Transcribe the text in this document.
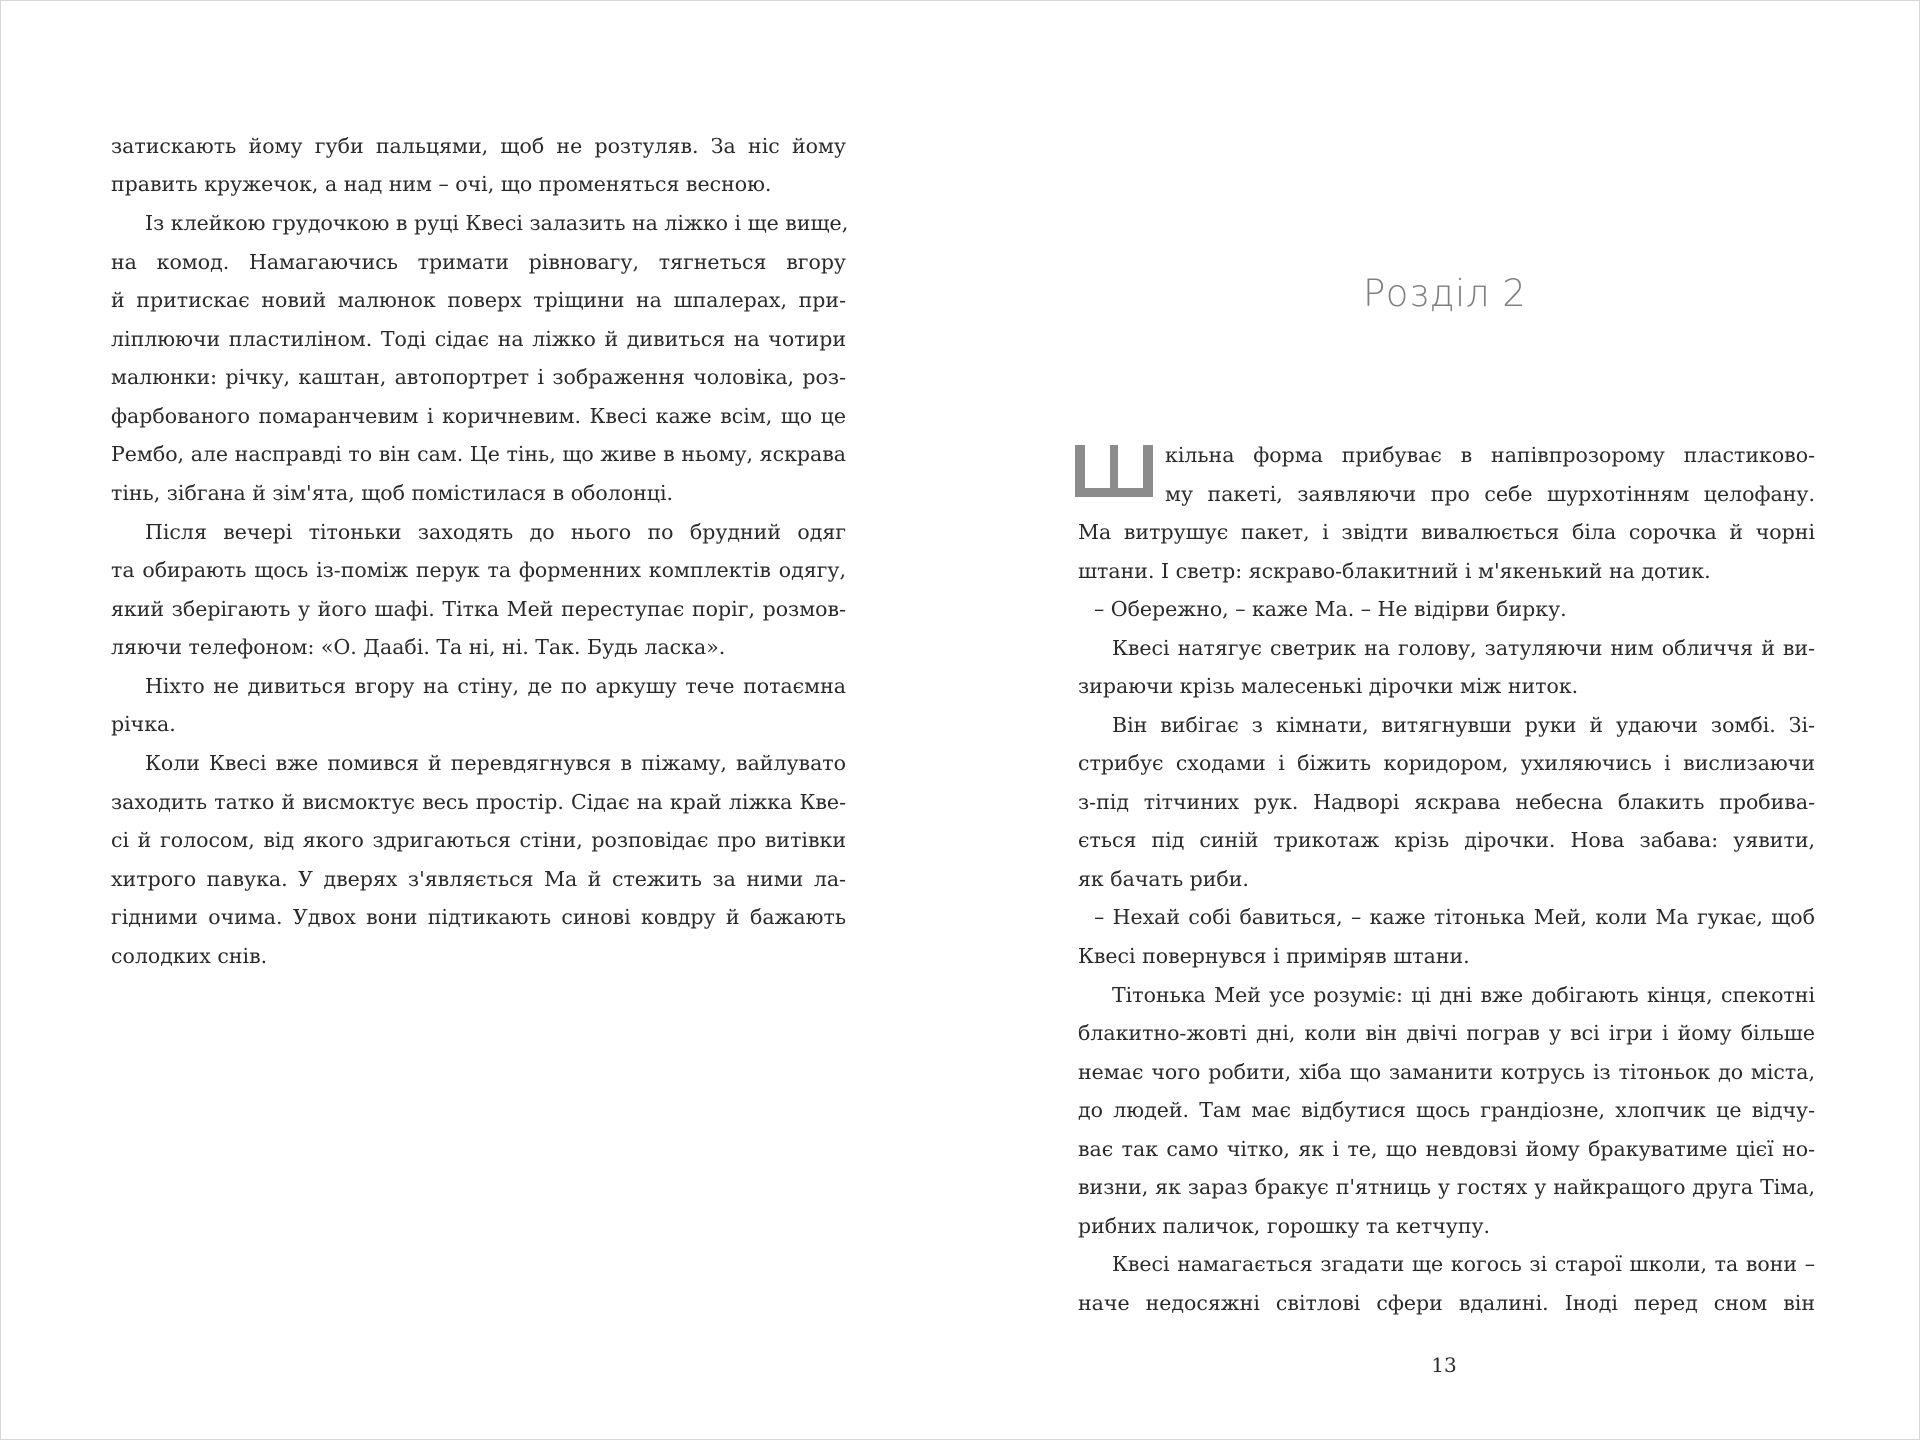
затискають йому губи пальцями, щоб не розтуляв. За ніс йому

править кружечок, а над ним – очі, що променяться весною.

Із клейкою грудочкою в руці Квесі залазить на ліжко і ще вище,

на комод. Намагаючись тримати рівновагу, тягнеться вгору

й притискає новий малюнок поверх тріщини на шпалерах, при-

ліплюючи пластиліном. Тоді сідає на ліжко й дивиться на чотири

малюнки: річку, каштан, автопортрет і зображення чоловіка, роз-

фарбованого помаранчевим і коричневим. Квесі каже всім, що це

Рембо, але насправді то він сам. Це тінь, що живе в ньому, яскрава

тінь, зібгана й зім'ята, щоб помістилася в оболонці.

Після вечері тітоньки заходять до нього по брудний одяг

та обирають щось із-поміж перук та форменних комплектів одягу,

який зберігають у його шафі. Тітка Мей переступає поріг, розмов-

ляючи телефоном: «О. Даабі. Та ні, ні. Так. Будь ласка».

Ніхто не дивиться вгору на стіну, де по аркушу тече потаємна

річка.

Коли Квесі вже помився й перевдягнувся в піжаму, вайлувато

заходить татко й висмоктує весь простір. Сідає на край ліжка Кве-

сі й голосом, від якого здригаються стіни, розповідає про витівки

хитрого павука. У дверях з'являється Ма й стежить за ними ла-

гідними очима. Удвох вони підтикають синові ковдру й бажають

солодких снів.

Розділ 2

кільна форма прибуває в напівпрозорому пластиково-

му пакеті, заявляючи про себе шурхотінням целофану.

Ма витрушує пакет, і звідти вивалюється біла сорочка й чорні

штани. І светр: яскраво-блакитний і м'якенький на дотик.

– Обережно, – каже Ма. – Не відірви бирку.

Квесі натягує светрик на голову, затуляючи ним обличчя й ви-

зираючи крізь малесенькі дірочки між ниток.

Він вибігає з кімнати, витягнувши руки й удаючи зомбі. Зі-

стрибує сходами і біжить коридором, ухиляючись і вислизаючи

з-під тітчиних рук. Надворі яскрава небесна блакить пробива-

ється під синій трикотаж крізь дірочки. Нова забава: уявити,

як бачать риби.

– Нехай собі бавиться, – каже тітонька Мей, коли Ма гукає, щоб

Квесі повернувся і приміряв штани.

Тітонька Мей усе розуміє: ці дні вже добігають кінця, спекотні

блакитно-жовті дні, коли він двічі пограв у всі ігри і йому більше

немає чого робити, хіба що заманити котрусь із тітоньок до міста,

до людей. Там має відбутися щось грандіозне, хлопчик це відчу-

ває так само чітко, як і те, що невдовзі йому бракуватиме цієї но-

визни, як зараз бракує п'ятниць у гостях у найкращого друга Тіма,

рибних паличок, горошку та кетчупу.

Квесі намагається згадати ще когось зі старої школи, та вони –

наче недосяжні світлові сфери вдалині. Іноді перед сном він

13
